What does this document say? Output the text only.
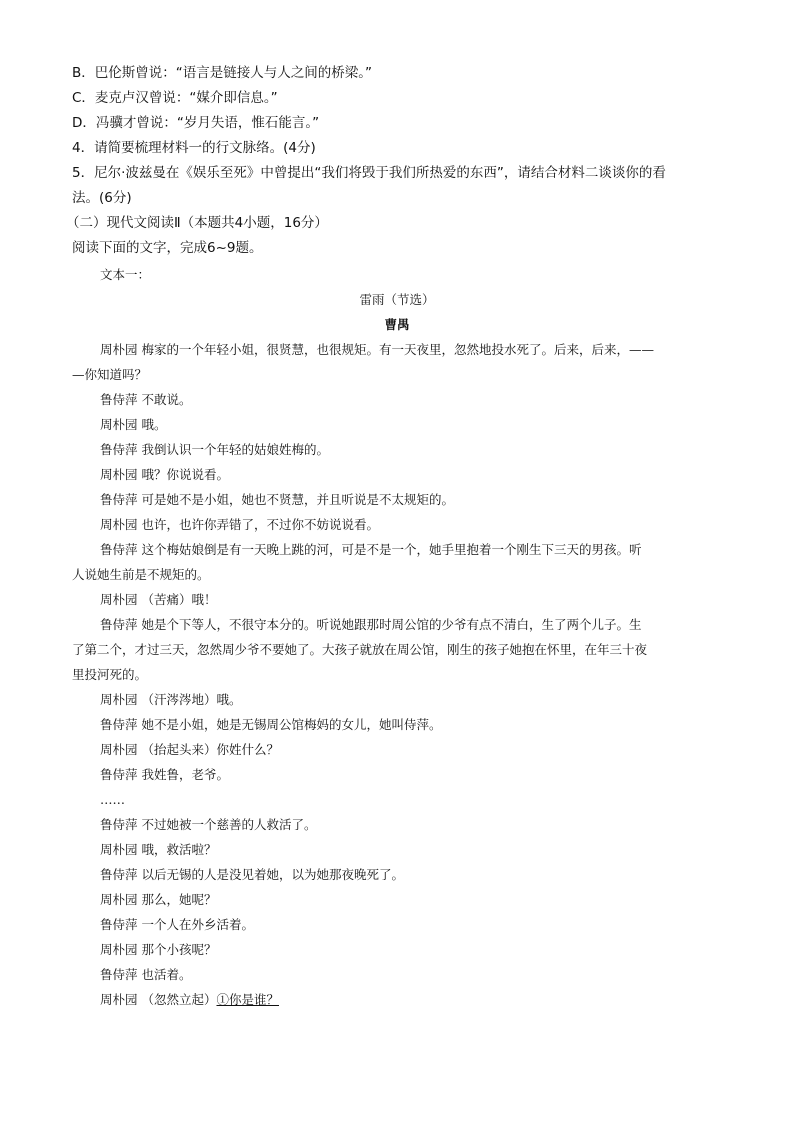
B．巴伦斯曾说：“语言是链接人与人之间的桥梁。”
C．麦克卢汉曾说：“媒介即信息。”
D．冯骥才曾说：“岁月失语，惟石能言。”
4．请简要梳理材料一的行文脉络。(4分)
5．尼尔·波兹曼在《娱乐至死》中曾提出“我们将毁于我们所热爱的东西”，请结合材料二谈谈你的看
法。(6分)
（二）现代文阅读Ⅱ（本题共4小题，16分）
阅读下面的文字，完成6~9题。
文本一：
雷雨（节选）
曹禺
周朴园 梅家的一个年轻小姐，很贤慧，也很规矩。有一天夜里，忽然地投水死了。后来，后来，——
—你知道吗？
鲁侍萍 不敢说。
周朴园 哦。
鲁侍萍 我倒认识一个年轻的姑娘姓梅的。
周朴园 哦？你说说看。
鲁侍萍 可是她不是小姐，她也不贤慧，并且听说是不太规矩的。
周朴园 也许，也许你弄错了，不过你不妨说说看。
鲁侍萍 这个梅姑娘倒是有一天晚上跳的河，可是不是一个，她手里抱着一个刚生下三天的男孩。听
人说她生前是不规矩的。
周朴园 （苦痛）哦！
鲁侍萍 她是个下等人，不很守本分的。听说她跟那时周公馆的少爷有点不清白，生了两个儿子。生
了第二个，才过三天，忽然周少爷不要她了。大孩子就放在周公馆，刚生的孩子她抱在怀里，在年三十夜
里投河死的。
周朴园 （汗涔涔地）哦。
鲁侍萍 她不是小姐，她是无锡周公馆梅妈的女儿，她叫侍萍。
周朴园 （抬起头来）你姓什么？
鲁侍萍 我姓鲁，老爷。
……
鲁侍萍 不过她被一个慈善的人救活了。
周朴园 哦，救活啦？
鲁侍萍 以后无锡的人是没见着她，以为她那夜晚死了。
周朴园 那么，她呢？
鲁侍萍 一个人在外乡活着。
周朴园 那个小孩呢？
鲁侍萍 也活着。
周朴园 （忽然立起）①你是谁？
